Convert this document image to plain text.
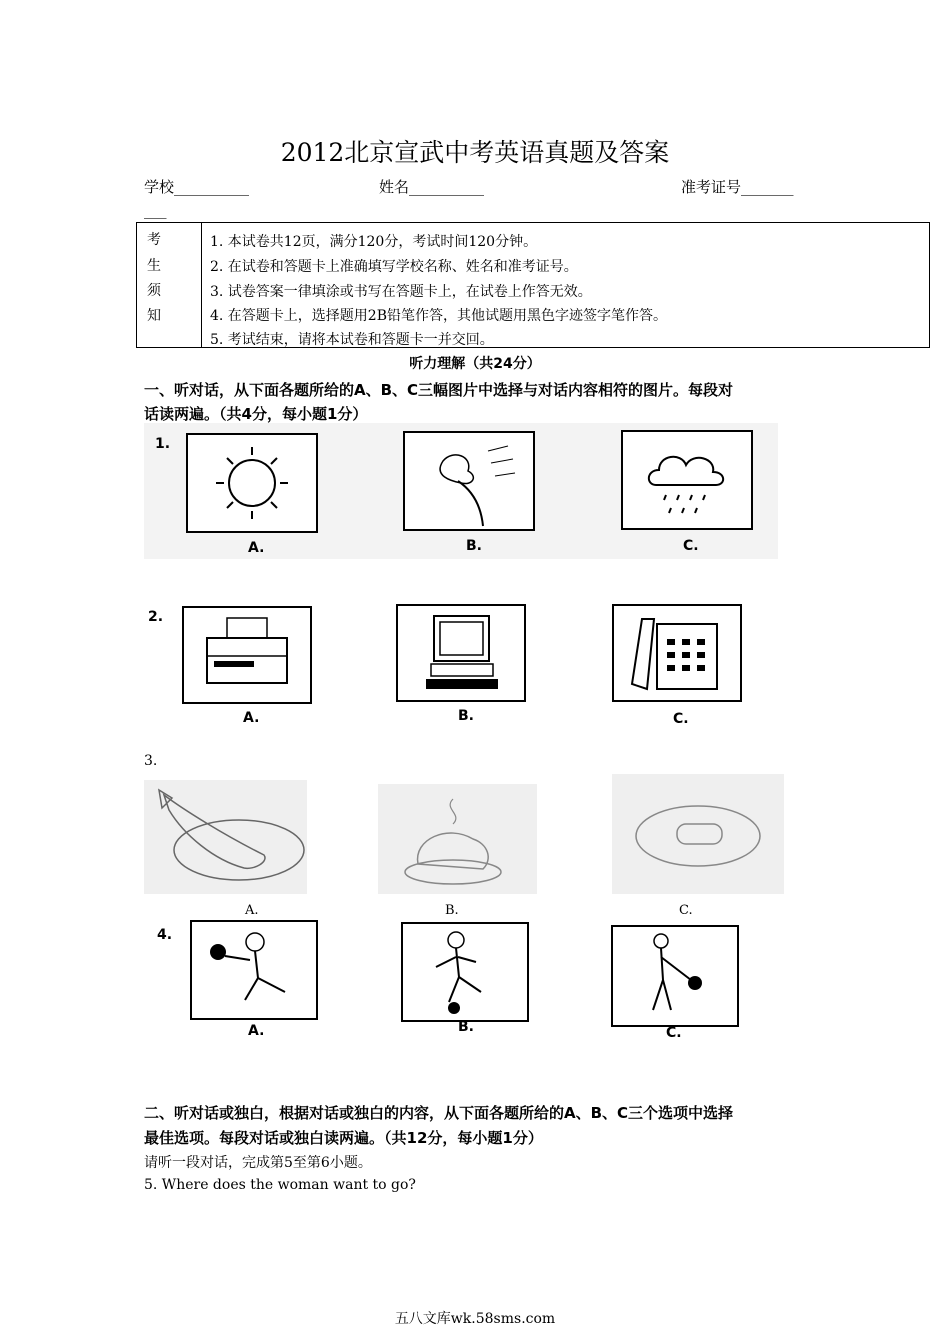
2012北京宣武中考英语真题及答案
学校__________	姓名__________	准考证号_______
___
考
生
须
知
1. 本试卷共12页，满分120分，考试时间120分钟。
2. 在试卷和答题卡上准确填写学校名称、姓名和准考证号。
3. 试卷答案一律填涂或书写在答题卡上，在试卷上作答无效。
4. 在答题卡上，选择题用2B铅笔作答，其他试题用黑色字迹签字笔作答。
5. 考试结束，请将本试卷和答题卡一并交回。
听力理解（共24分）
一、听对话，从下面各题所给的A、B、C三幅图片中选择与对话内容相符的图片。每段对
话读两遍。（共4分，每小题1分）
1.
A.	B.	C.
2.
A.	B.	C.
3.
A.	B.	C.
4.
A.	B.	C.
二、听对话或独白，根据对话或独白的内容，从下面各题所给的A、B、C三个选项中选择
最佳选项。每段对话或独白读两遍。（共12分，每小题1分）
请听一段对话，完成第5至第6小题。
5. Where does the woman want to go?
五八文库wk.58sms.com
